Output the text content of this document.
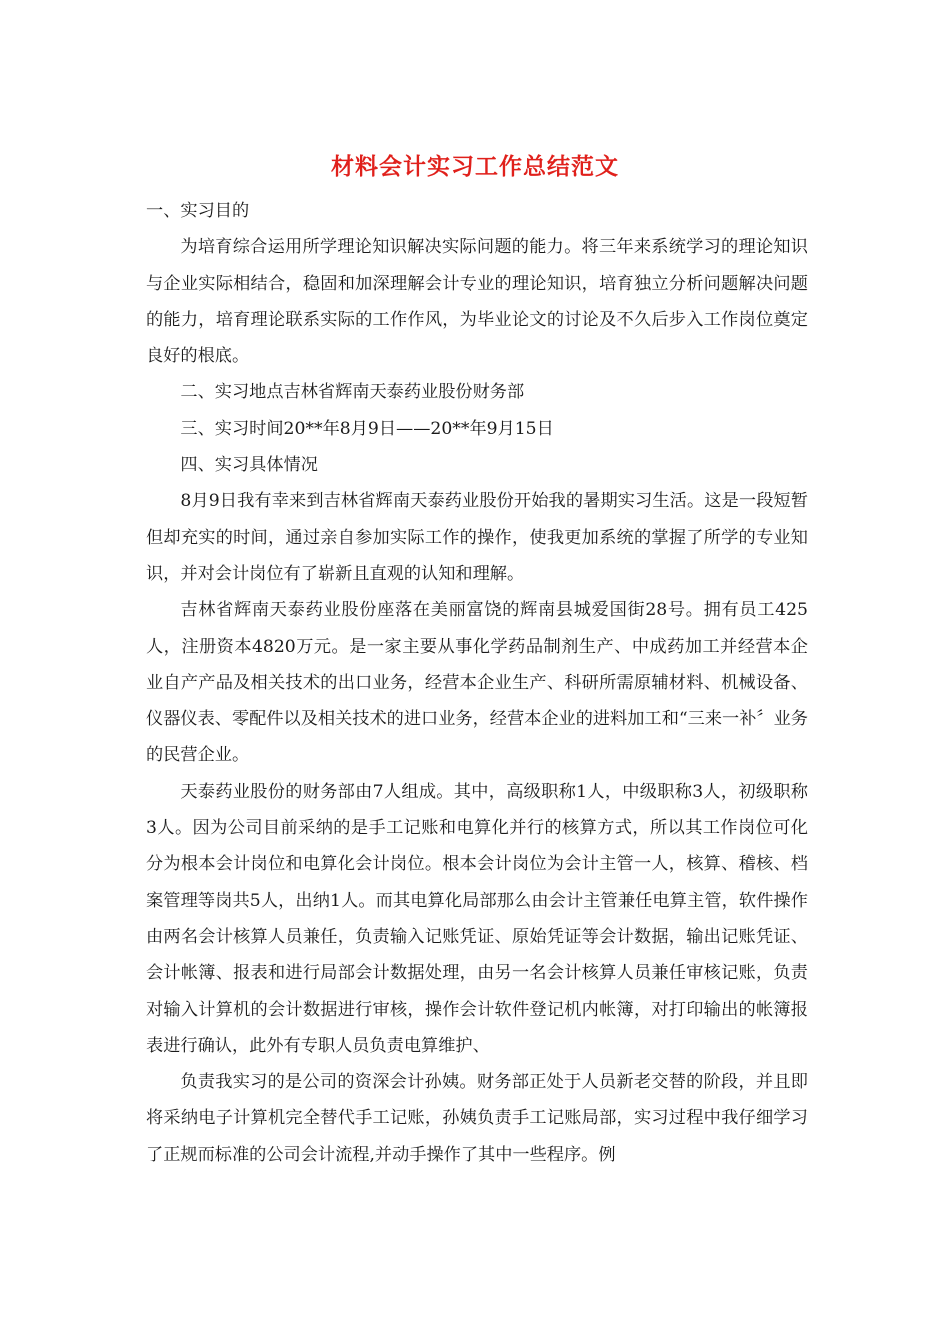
材料会计实习工作总结范文

一、实习目的

为培育综合运用所学理论知识解决实际问题的能力。将三年来系统学习的理论知识与企业实际相结合，稳固和加深理解会计专业的理论知识，培育独立分析问题解决问题的能力，培育理论联系实际的工作作风，为毕业论文的讨论及不久后步入工作岗位奠定良好的根底。

二、实习地点吉林省辉南天泰药业股份财务部

三、实习时间20**年8月9日——20**年9月15日

四、实习具体情况

8月9日我有幸来到吉林省辉南天泰药业股份开始我的暑期实习生活。这是一段短暂但却充实的时间，通过亲自参加实际工作的操作，使我更加系统的掌握了所学的专业知识，并对会计岗位有了崭新且直观的认知和理解。

吉林省辉南天泰药业股份座落在美丽富饶的辉南县城爱国街28号。拥有员工425人，注册资本4820万元。是一家主要从事化学药品制剂生产、中成药加工并经营本企业自产产品及相关技术的出口业务，经营本企业生产、科研所需原辅材料、机械设备、仪器仪表、零配件以及相关技术的进口业务，经营本企业的进料加工和“三来一补〞业务的民营企业。

天泰药业股份的财务部由7人组成。其中，高级职称1人，中级职称3人，初级职称3人。因为公司目前采纳的是手工记账和电算化并行的核算方式，所以其工作岗位可化分为根本会计岗位和电算化会计岗位。根本会计岗位为会计主管一人，核算、稽核、档案管理等岗共5人，出纳1人。而其电算化局部那么由会计主管兼任电算主管，软件操作由两名会计核算人员兼任，负责输入记账凭证、原始凭证等会计数据，输出记账凭证、会计帐簿、报表和进行局部会计数据处理，由另一名会计核算人员兼任审核记账，负责对输入计算机的会计数据进行审核，操作会计软件登记机内帐簿，对打印输出的帐簿报表进行确认，此外有专职人员负责电算维护、

负责我实习的是公司的资深会计孙姨。财务部正处于人员新老交替的阶段，并且即将采纳电子计算机完全替代手工记账，孙姨负责手工记账局部，实习过程中我仔细学习了正规而标准的公司会计流程,并动手操作了其中一些程序。例
